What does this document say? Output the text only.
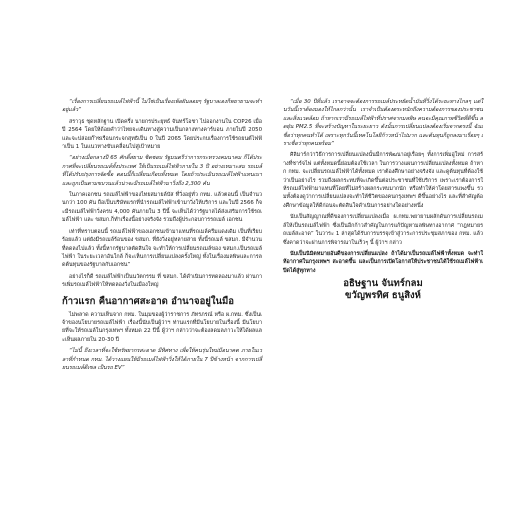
“เรื่องการเปลี่ยนรถเมล์ไฟฟ้านี้ ไม่ใช่เป็นเรื่องเพ้อฝันลอยๆ รัฐบาลเองก็พยายามจะทำอยู่แล้ว”

สราวุธ ชุดหลักฐาน เปิดครึ่ง นายกรประยุทธ์ จันทร์โอชา ไปออกงานใน COP26 เมื่อปี 2564 โดยให้ถ้อยคำว่าไทยจะเดินทางสู่ความเป็นกลางทางคาร์บอน ภายในปี 2050 และจะปล่อยก๊าซเรือนกระจกสุทธิเป็น 0 ในปี 2065 โดยประกบเรื่องการใช้รถยนต์ไฟฟ้าเป็น 1 ในแนวทางขับเคลื่อนไปสู่เป้าหมาย

“อย่างเมื่อกลางปี 65 ศักดิ์สยาม ชิดชอบ รัฐมนตรีว่าการกระทรวงคมนาคม ก็ได้ประกาศที่จะเปลี่ยนรถเมล์ทั้งประเทศ ให้เป็นรถเมล์ไฟฟ้าภายใน 3 ปี อย่างเหมาะสม รถเมล์ ที่ได้ปรับปรุงการจัดซื้อ ตอนนี้ก็เปลี่ยนเกือบทั้งหมด โดยถ้าประเมินรถเมล์ไฟฟ้าแทนเบา และถูกเป็นตามขบวนแล้วน่าจะมีรถเมล์ไฟฟ้ามาวิ่งถึง 2,300 คัน

ในภาคเอกชน รถเมล์ไฟฟ้าของไทยสมายล์บัส ที่วิ่งอยู่ทั่ว กทม. แล้วตอนนี้ เป็นจำนวนกว่า 100 คัน ถือเป็นบริษัทแรกที่นำรถเมล์ไฟฟ้าเข้ามาวิ่งให้บริการ และในปี 2566 ก็จะมีรถเมล์ไฟฟ้าวิ่งครบ 4,000 คันภายใน 3 ปีนี้ จะเห็นได้ว่ารัฐบาลได้ส่งเสริมการใช้รถเมล์ไฟฟ้า และ ขสมก.ก็ทำเรื่องนี้อย่างจริงจัง รวมถึงผู้ประกอบการรถเมล์ เอกชน

เท่าที่ทราบตอนนี้ รถเมล์ไฟฟ้าของเอกชนเข้ามาแทนที่รถเมล์ครีมแดงเดิม เป็นที่เรียบร้อยแล้ว แต่ยังมีรถเมล์ร้อนของ ขสมก. ที่ยังวิ่งอยู่หลายสาย ทั้งนี้รถเมล์ ขสมก. มีจำนวนที่ลดลงไปแล้ว ทั้งนี้หากรัฐบาลตัดสินใจ จะทำให้การเปลี่ยนรถเมล์ของ ขสมก.เป็นรถเมล์ไฟฟ้า ในระยะเวลาอันใกล้ ก็จะเห็นการเปลี่ยนแปลงครั้งใหญ่ ทั้งในเรื่องมลพิษและการลดต้นทุนของรัฐบาลกับเอกชน”

อย่างไรก็ดี รถเมล์ไฟฟ้าเป็นนวัตกรรม ที่ ขสมก. ได้ดำเนินการทดลองมาแล้ว ผ่านการเพิ่มรถเมล์ไฟฟ้าให้ทดลองวิ่งในเมืองใหญ่

ก้าวแรก คืนอากาศสะอาด อำนาจอยู่ในมือ

ไม่พลาด ความเห็นจาก กทม. ในมุมของผู้ว่าราชการ ภัทรภรณ์ หรือ ผ.กทม. ซึ่งเป็นเจ้าของนโยบายรถเมล์ไฟฟ้า เรื่องนี้นับเป็นผู้ว่าฯ ท่านแรกที่มีนโยบายในเรื่องนี้ มีนโยบายที่จะให้รถเมล์ในกรุงเทพฯ ทั้งหมด 22 ปีนี้ ผู้ว่าฯ กล่าวว่าจะต้องลดมลภาวะให้ได้ผลและเห็นผลภายใน 20-30 ปี

“ไม่นี้ ถึงเวลาที่จะใช้ทรัพยากรสะอาด มีทิศทาง เพื่อให้คนรุ่นใหม่มีอนาคต ภายในเวลาที่กำหนด กทม. ได้วางแผนให้มีรถเมล์ไฟฟ้าวิ่งให้ได้ภายใน 7 ปีข้างหน้า จากการเปลี่ยนรถเมล์ดีเซล เป็นรถ EV”

“เมื่อ 30 ปีที่แล้ว เราอาจจะต้องการรถเมล์ประหยัดน้ำมันที่วิ่งได้ระยะทางไกลๆ แต่ในวันนี้เราต้องมองให้ไกลกว่านั้น เราจำเป็นต้องตระหนักถึงความต้องการของประชาชน และสิ่งแวดล้อม ถ้าหากเรามีรถเมล์ไฟฟ้าที่ปราศจากมลพิษ คนจะมีคุณภาพชีวิตที่ดีขึ้น ลดฝุ่น PM2.5 ที่จะสร้างปัญหาในระยะยาว ดังนั้นการเปลี่ยนแปลงต้องเริ่มจากตรงนี้ ฉันเชื่อว่าทุกคนทำได้ เพราะทุกวันนี้เทคโนโลยีก้าวหน้าไปมาก และต้นทุนก็ถูกลงมาเรื่อยๆ เราเชื่อว่าทุกคนพร้อม”

ศิลิมาร์กว่าวิธีการการเปลี่ยนแปลงนั้นมีการพัฒนาอยู่เรื่อยๆ ทั้งการเพิ่มอู่ใหม่ การสร้างที่ชาร์จไฟ แต่ทั้งหมดนี้ย่อมต้องใช้เวลา ในการวางแผนการเปลี่ยนแปลงทั้งหมด ถ้าหาก กทม. จะเปลี่ยนรถเมล์ไฟฟ้าได้ทั้งหมด เราต้องศึกษาอย่างจริงจัง และดูต้นทุนที่ต้องใช้ว่าเป็นอย่างไร รวมถึงผลกระทบที่จะเกิดขึ้นต่อประชาชนที่ใช้บริการ เพราะเราต้องการให้รถเมล์ไฟฟ้ามาแทนที่โดยที่ไม่สร้างผลกระทบมากนัก หรือทำให้ค่าโดยสารแพงขึ้น รวมทั้งต้องดูว่าการเปลี่ยนแปลงจะทำให้ชีวิตของคนกรุงเทพฯ ดีขึ้นอย่างไร และที่สำคัญต้องศึกษาข้อมูลให้ดีก่อนจะตัดสินใจดำเนินการอย่างใดอย่างหนึ่ง

นับเป็นสัญญาณที่ดีของการเปลี่ยนแปลงเมื่อ ผ.กทม.พยายามผลักดันการเปลี่ยนรถเมล์ให้เป็นรถเมล์ไฟฟ้า ซึ่งเป็นอีกก้าวสำคัญในการแก้ปัญหามลพิษทางอากาศ “กฎหมายรถเมล์สะอาด” ในวาระ 1 ล่าสุดได้รับการบรรจุเข้าสู่วาระการประชุมสภาของ กทม. แล้ว ซึ่งคาดว่าจะผ่านการพิจารณาในเร็วๆ นี้ ผู้ว่าฯ กล่าว

นับเป็นนิมิตหมายอันดีของการเปลี่ยนแปลง ถ้าได้มาเป็นรถเมล์ไฟฟ้าทั้งหมด จะทำให้อากาศในกรุงเทพฯ สะอาดขึ้น และเป็นการเปิดโอกาสให้ประชาชนได้ใช้รถเมล์ไฟฟ้าเปิดได้สู่ทุกทาง

อธิษฐาน จันทร์กลม
ขวัญพรทิศ ธนูสิงห์
